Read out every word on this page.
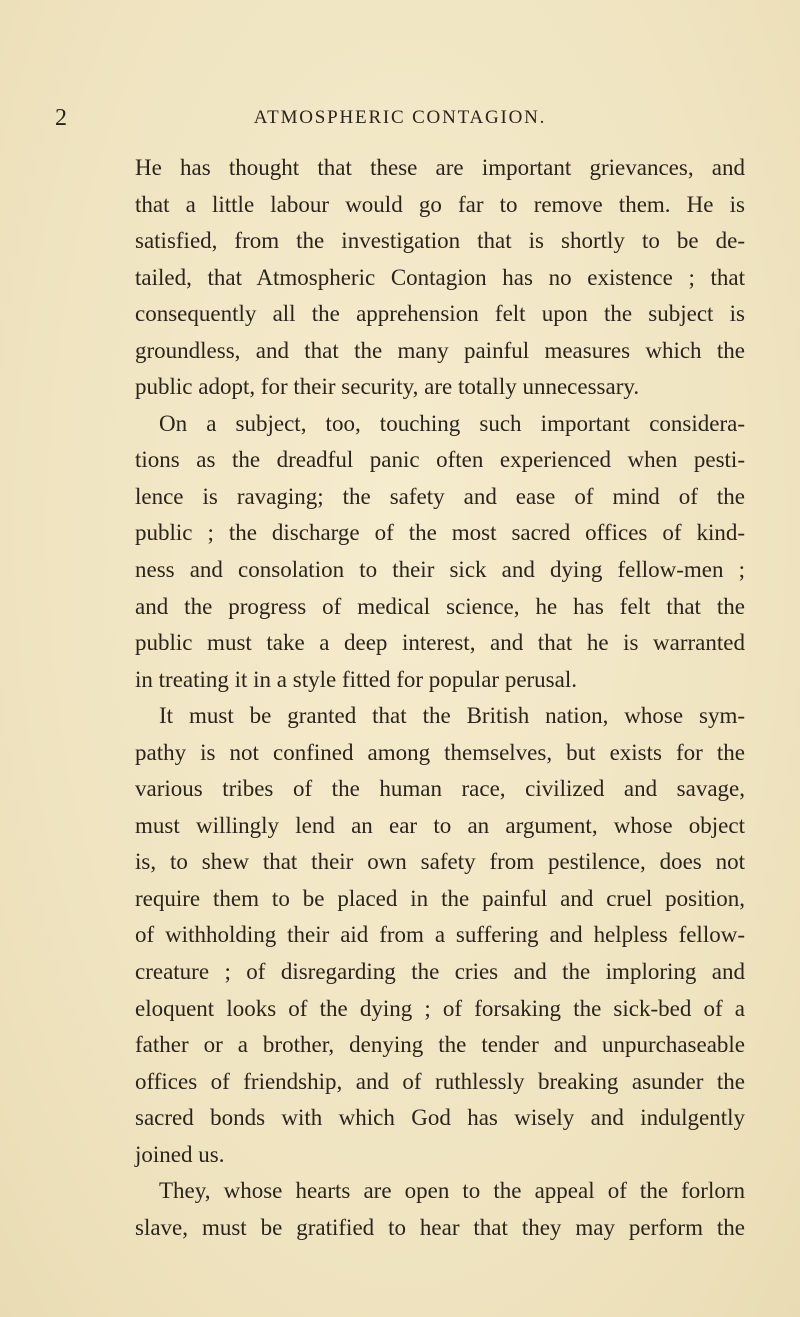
2	ATMOSPHERIC CONTAGION.
He has thought that these are important grievances, and
that a little labour would go far to remove them. He is
satisfied, from the investigation that is shortly to be de-
tailed, that Atmospheric Contagion has no existence ; that
consequently all the apprehension felt upon the subject is
groundless, and that the many painful measures which the
public adopt, for their security, are totally unnecessary.
On a subject, too, touching such important considera-
tions as the dreadful panic often experienced when pesti-
lence is ravaging; the safety and ease of mind of the
public ; the discharge of the most sacred offices of kind-
ness and consolation to their sick and dying fellow-men ;
and the progress of medical science, he has felt that the
public must take a deep interest, and that he is warranted
in treating it in a style fitted for popular perusal.
It must be granted that the British nation, whose sym-
pathy is not confined among themselves, but exists for the
various tribes of the human race, civilized and savage,
must willingly lend an ear to an argument, whose object
is, to shew that their own safety from pestilence, does not
require them to be placed in the painful and cruel position,
of withholding their aid from a suffering and helpless fellow-
creature ; of disregarding the cries and the imploring and
eloquent looks of the dying ; of forsaking the sick-bed of a
father or a brother, denying the tender and unpurchaseable
offices of friendship, and of ruthlessly breaking asunder the
sacred bonds with which God has wisely and indulgently
joined us.
They, whose hearts are open to the appeal of the forlorn
slave, must be gratified to hear that they may perform the
